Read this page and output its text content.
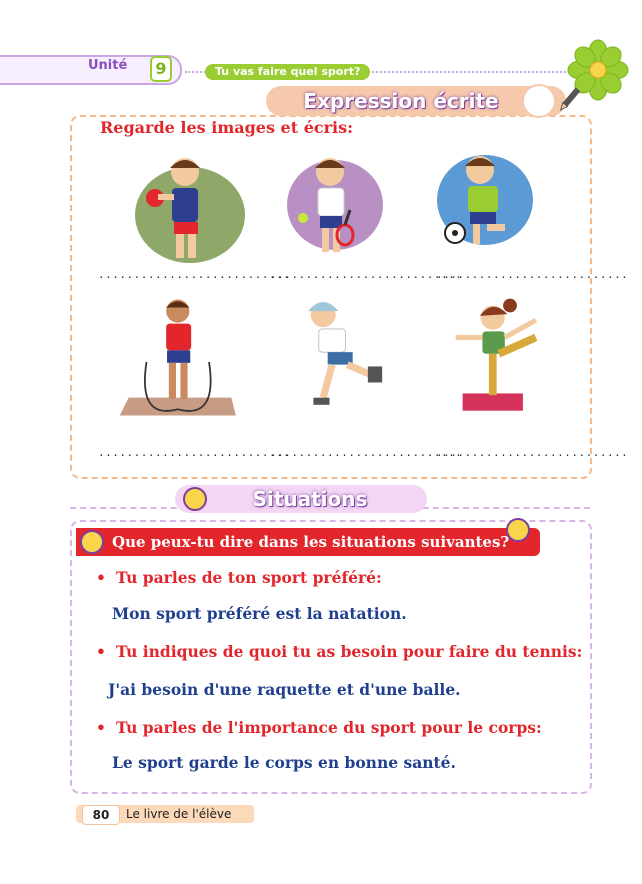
Unité	9	Tu vas faire quel sport?
Expression écrite
Regarde les images et écris:
...........................
...........................
...........................
...........................
...........................
...........................
Situations
Que peux-tu dire dans les situations suivantes?
• Tu parles de ton sport préféré:
Mon sport préféré est la natation.
• Tu indiques de quoi tu as besoin pour faire du tennis:
J'ai besoin d'une raquette et d'une balle.
• Tu parles de l'importance du sport pour le corps:
Le sport garde le corps en bonne santé.
80	Le livre de l'élève
